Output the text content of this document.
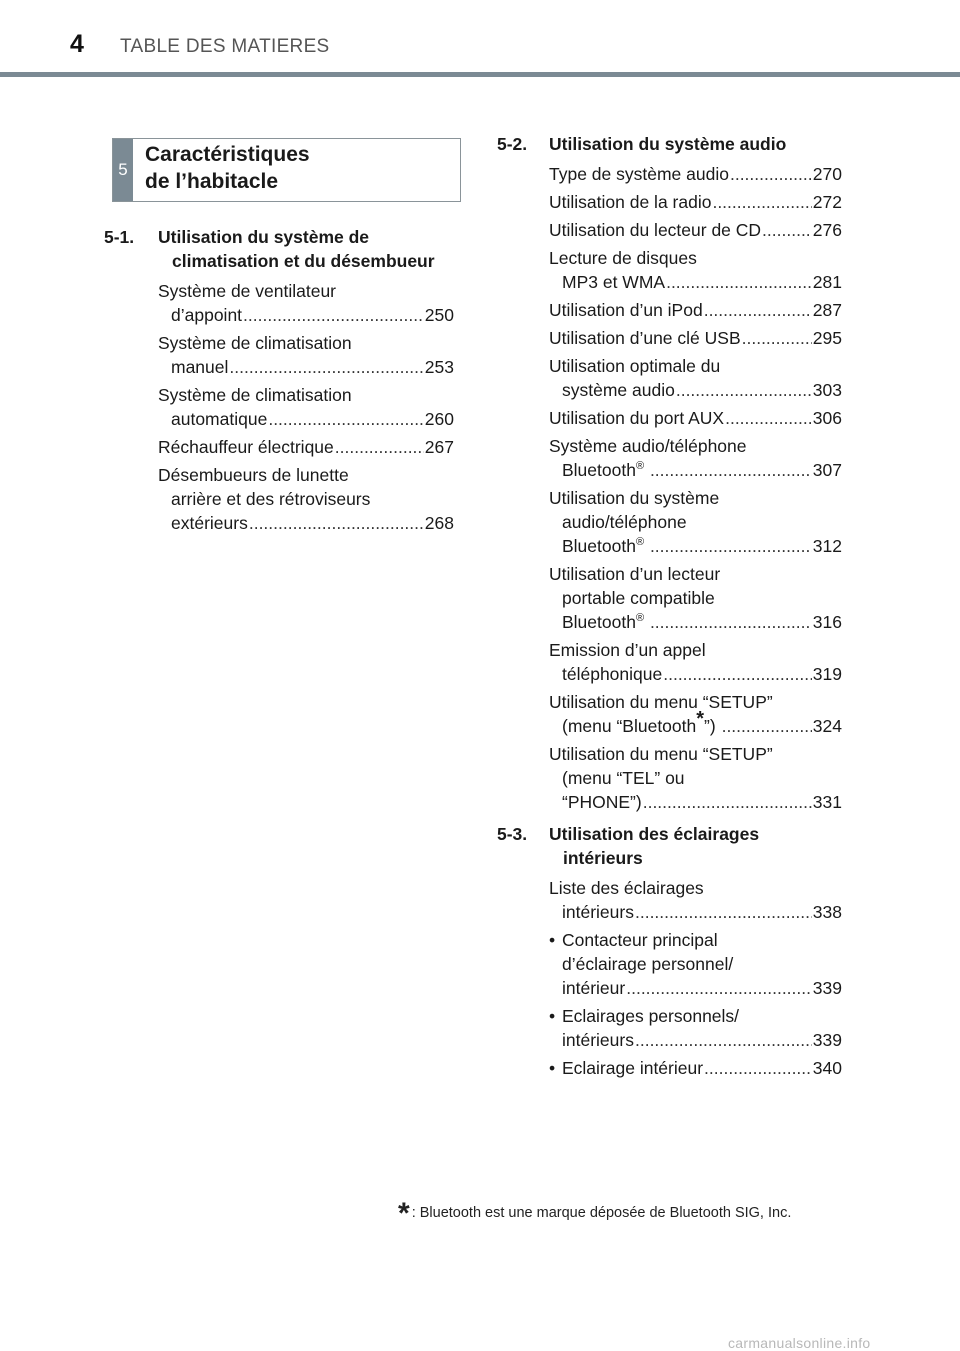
4 TABLE DES MATIERES
5
Caractéristiques
de l’habitacle
5-1. Utilisation du système de
climatisation et du désembueur
Système de ventilateur
d’appoint .....	250
Système de climatisation
manuel .....	253
Système de climatisation
automatique .....	260
Réchauffeur électrique .....	267
Désembueurs de lunette
arrière et des rétroviseurs
extérieurs .....	268
5-2. Utilisation du système audio
Type de système audio .....	270
Utilisation de la radio .....	272
Utilisation du lecteur de CD .....	276
Lecture de disques
MP3 et WMA .....	281
Utilisation d’un iPod .....	287
Utilisation d’une clé USB .....	295
Utilisation optimale du
système audio .....	303
Utilisation du port AUX .....	306
Système audio/téléphone
Bluetooth® .....	307
Utilisation du système
audio/téléphone
Bluetooth® .....	312
Utilisation d’un lecteur
portable compatible
Bluetooth® .....	316
Emission d’un appel
téléphonique .....	319
Utilisation du menu “SETUP”
(menu “Bluetooth*”) .....	324
Utilisation du menu “SETUP”
(menu “TEL” ou
“PHONE”) .....	331
5-3. Utilisation des éclairages
intérieurs
Liste des éclairages
intérieurs .....	338
• Contacteur principal
d’éclairage personnel/
intérieur .....	339
• Eclairages personnels/
intérieurs .....	339
• Eclairage intérieur .....	340
* : Bluetooth est une marque déposée de Bluetooth SIG, Inc.
carmanualsonline.info
